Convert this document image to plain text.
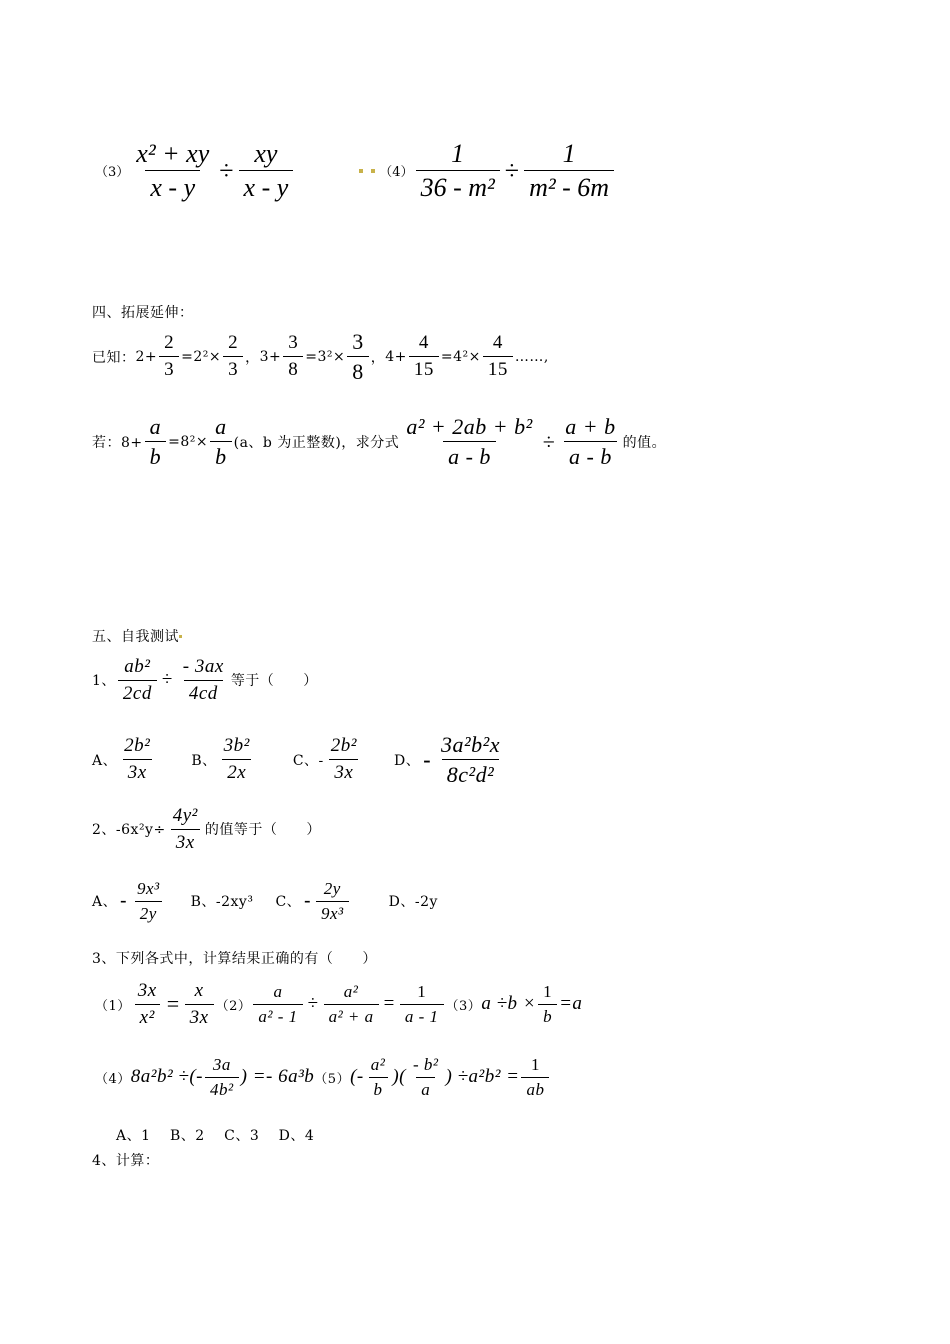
$(3) \frac{\text{x² + xy}}{x - y} \div \frac{xy}{x - y}$	$(4) \frac{1}{\text{36 - m²}} \div \frac{1}{\text{m² - 6m}}$
四、拓展延伸：
已知： $2+ \frac{2}{3} =2^2\times \frac{2}{3}$ ， $3+ \frac{3}{8} =3^2\times \frac{3}{8}$ ， $4+ \frac{4}{15} =4^2\times \frac{4}{15}$ ……,
若：$8+ \frac{a}{b} =8^2\times \frac{a}{b} (a$、b 为正整数)，求分式 $\frac{\text{a² + 2ab + b²}}{a - b} \div \frac{a + b}{a - b}$ 的值。
五、自我测试
1、 $\frac{\text{ab²}}{2cd} \div \frac{- 3ax}{4cd}$ 等于（　　）
A、 $\frac{\text{2b²}}{3x}$	B、 $\frac{\text{3b²}}{2x}$	C、- $\frac{\text{2b²}}{3x}$ D、 - $\frac{\text{3a²b²x}}{\text{8c²d²}}$
2、$-6x^2y\div \frac{\text{4y²}}{3x}$ 的值等于（　　）
A、 - $\frac{\text{9x³}}{2y}$ B、-2xy³ C、 - $\frac{2y}{\text{9x³}}$	D、-2y
3、下列各式中，计算结果正确的有（　　）
$(1) \frac{3x}{\text{x²}} = \frac{x}{3x} (2) \frac{a}{\text{a² - 1}} \div \frac{\text{a²}}{\text{a² + a}} = \frac{1}{a - 1} (3)$ $a \div b \times \frac{1}{b} =a$
（4） 8a²b² ÷(- $\frac{3a}{\text{4b²}}$ ) =- 6a³b （5） (- $\frac{\text{a²}}{b}$ )( $\frac{\text{- b²}}{a}$ ) $\div a^2b^2 = \frac{1}{ab}$
A、1　 B、2　 C、3　 D、4
4、计算：
